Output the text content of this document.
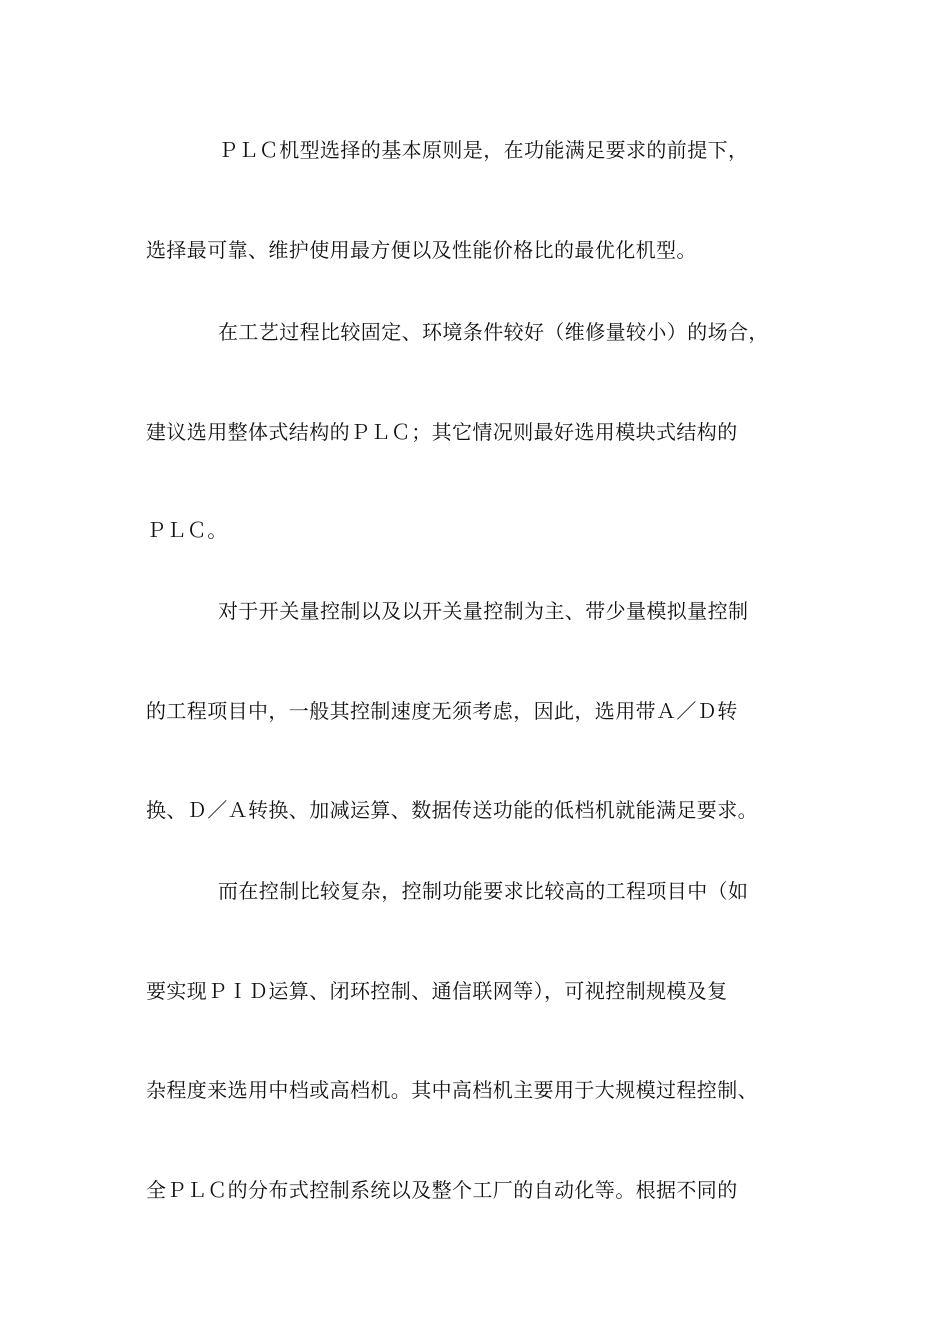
ＰＬＣ机型选择的基本原则是，在功能满足要求的前提下，
选择最可靠、维护使用最方便以及性能价格比的最优化机型。
在工艺过程比较固定、环境条件较好（维修量较小）的场合，
建议选用整体式结构的ＰＬＣ；其它情况则最好选用模块式结构的
ＰＬＣ。
对于开关量控制以及以开关量控制为主、带少量模拟量控制
的工程项目中，一般其控制速度无须考虑，因此，选用带Ａ／Ｄ转
换、Ｄ／Ａ转换、加减运算、数据传送功能的低档机就能满足要求。
而在控制比较复杂，控制功能要求比较高的工程项目中（如
要实现ＰＩＤ运算、闭环控制、通信联网等），可视控制规模及复
杂程度来选用中档或高档机。其中高档机主要用于大规模过程控制、
全ＰＬＣ的分布式控制系统以及整个工厂的自动化等。根据不同的
